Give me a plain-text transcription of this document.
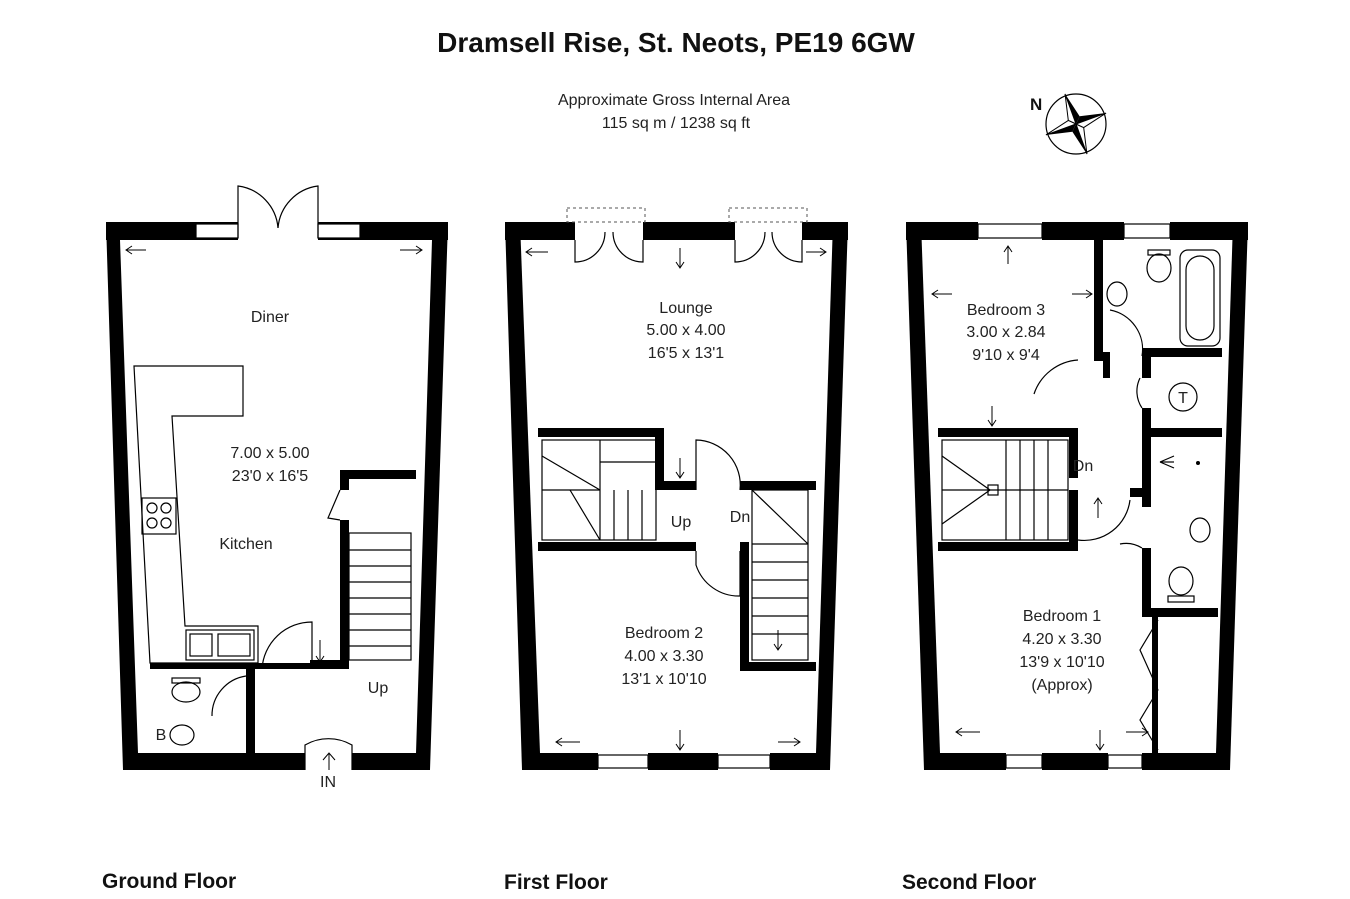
Dramsell Rise, St. Neots, PE19 6GW
Approximate Gross Internal Area
115 sq m / 1238 sq ft
N
Diner
7.00 x 5.00
23'0 x 16'5
Kitchen
Up
IN
B
Lounge
5.00 x 4.00
16'5 x 13'1
Up Dn
Bedroom 2
4.00 x 3.30
13'1 x 10'10
Bedroom 3
3.00 x 2.84
9'10 x 9'4
T
Dn
Bedroom 1
4.20 x 3.30
13'9 x 10'10
(Approx)
Ground Floor	First Floor	Second Floor
